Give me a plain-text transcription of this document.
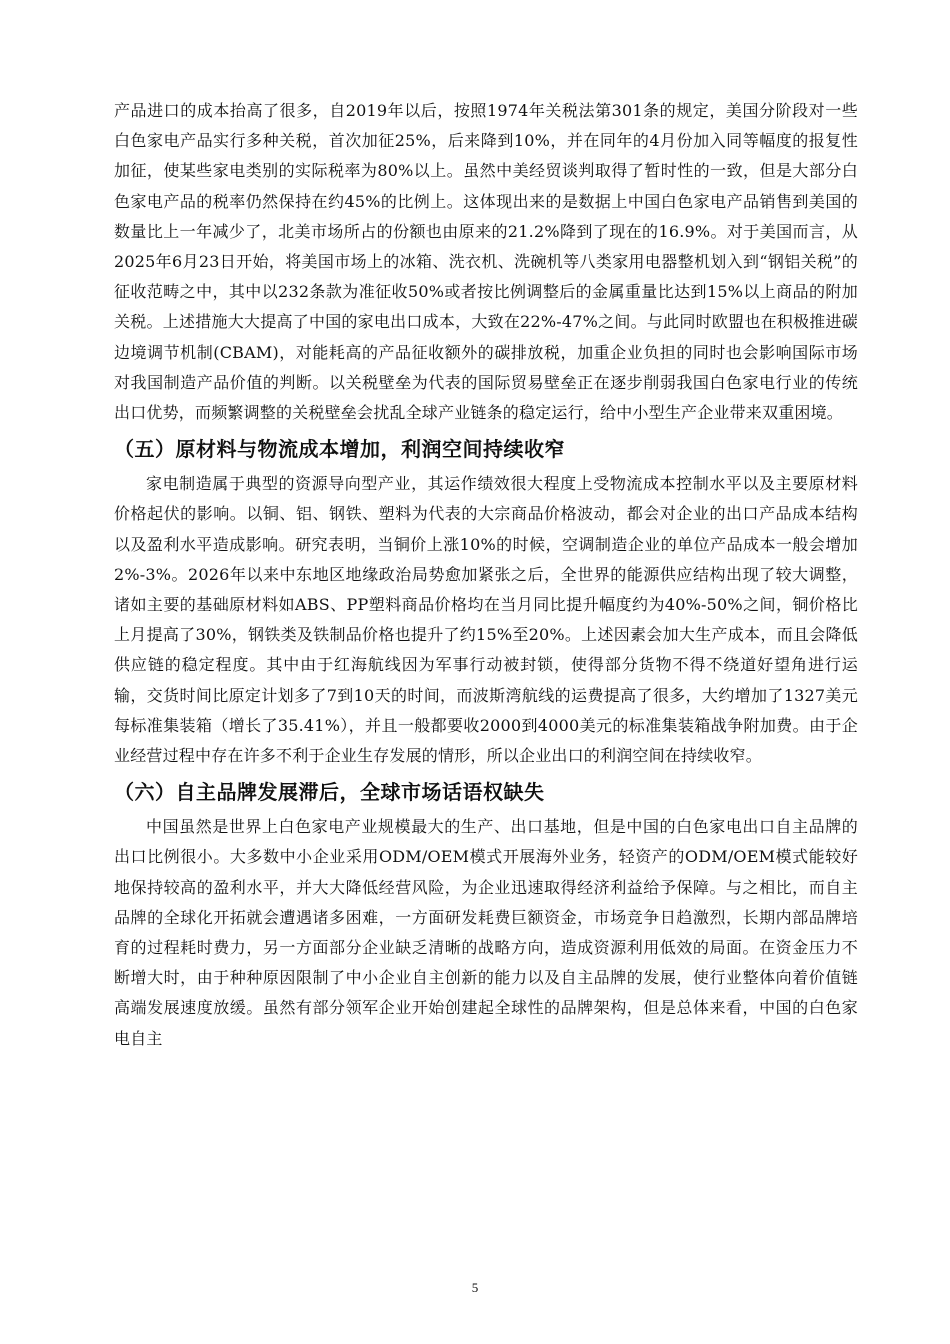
产品进口的成本抬高了很多，自2019年以后，按照1974年关税法第301条的规定，美国分阶段对一些白色家电产品实行多种关税，首次加征25%，后来降到10%，并在同年的4月份加入同等幅度的报复性加征，使某些家电类别的实际税率为80%以上。虽然中美经贸谈判取得了暂时性的一致，但是大部分白色家电产品的税率仍然保持在约45%的比例上。这体现出来的是数据上中国白色家电产品销售到美国的数量比上一年减少了，北美市场所占的份额也由原来的21.2%降到了现在的16.9%。对于美国而言，从2025年6月23日开始，将美国市场上的冰箱、洗衣机、洗碗机等八类家用电器整机划入到“钢铝关税”的征收范畴之中，其中以232条款为准征收50%或者按比例调整后的金属重量比达到15%以上商品的附加关税。上述措施大大提高了中国的家电出口成本，大致在22%-47%之间。与此同时欧盟也在积极推进碳边境调节机制(CBAM)，对能耗高的产品征收额外的碳排放税，加重企业负担的同时也会影响国际市场对我国制造产品价值的判断。以关税壁垒为代表的国际贸易壁垒正在逐步削弱我国白色家电行业的传统出口优势，而频繁调整的关税壁垒会扰乱全球产业链条的稳定运行，给中小型生产企业带来双重困境。

（五）原材料与物流成本增加，利润空间持续收窄

家电制造属于典型的资源导向型产业，其运作绩效很大程度上受物流成本控制水平以及主要原材料价格起伏的影响。以铜、铝、钢铁、塑料为代表的大宗商品价格波动，都会对企业的出口产品成本结构以及盈利水平造成影响。研究表明，当铜价上涨10%的时候，空调制造企业的单位产品成本一般会增加2%-3%。2026年以来中东地区地缘政治局势愈加紧张之后，全世界的能源供应结构出现了较大调整，诸如主要的基础原材料如ABS、PP塑料商品价格均在当月同比提升幅度约为40%-50%之间，铜价格比上月提高了30%，钢铁类及铁制品价格也提升了约15%至20%。上述因素会加大生产成本，而且会降低供应链的稳定程度。其中由于红海航线因为军事行动被封锁，使得部分货物不得不绕道好望角进行运输，交货时间比原定计划多了7到10天的时间，而波斯湾航线的运费提高了很多，大约增加了1327美元每标准集装箱（增长了35.41%），并且一般都要收2000到4000美元的标准集装箱战争附加费。由于企业经营过程中存在许多不利于企业生存发展的情形，所以企业出口的利润空间在持续收窄。

（六）自主品牌发展滞后，全球市场话语权缺失

中国虽然是世界上白色家电产业规模最大的生产、出口基地，但是中国的白色家电出口自主品牌的出口比例很小。大多数中小企业采用ODM/OEM模式开展海外业务，轻资产的ODM/OEM模式能较好地保持较高的盈利水平，并大大降低经营风险，为企业迅速取得经济利益给予保障。与之相比，而自主品牌的全球化开拓就会遭遇诸多困难，一方面研发耗费巨额资金，市场竞争日趋激烈，长期内部品牌培育的过程耗时费力，另一方面部分企业缺乏清晰的战略方向，造成资源利用低效的局面。在资金压力不断增大时，由于种种原因限制了中小企业自主创新的能力以及自主品牌的发展，使行业整体向着价值链高端发展速度放缓。虽然有部分领军企业开始创建起全球性的品牌架构，但是总体来看，中国的白色家电自主

5
